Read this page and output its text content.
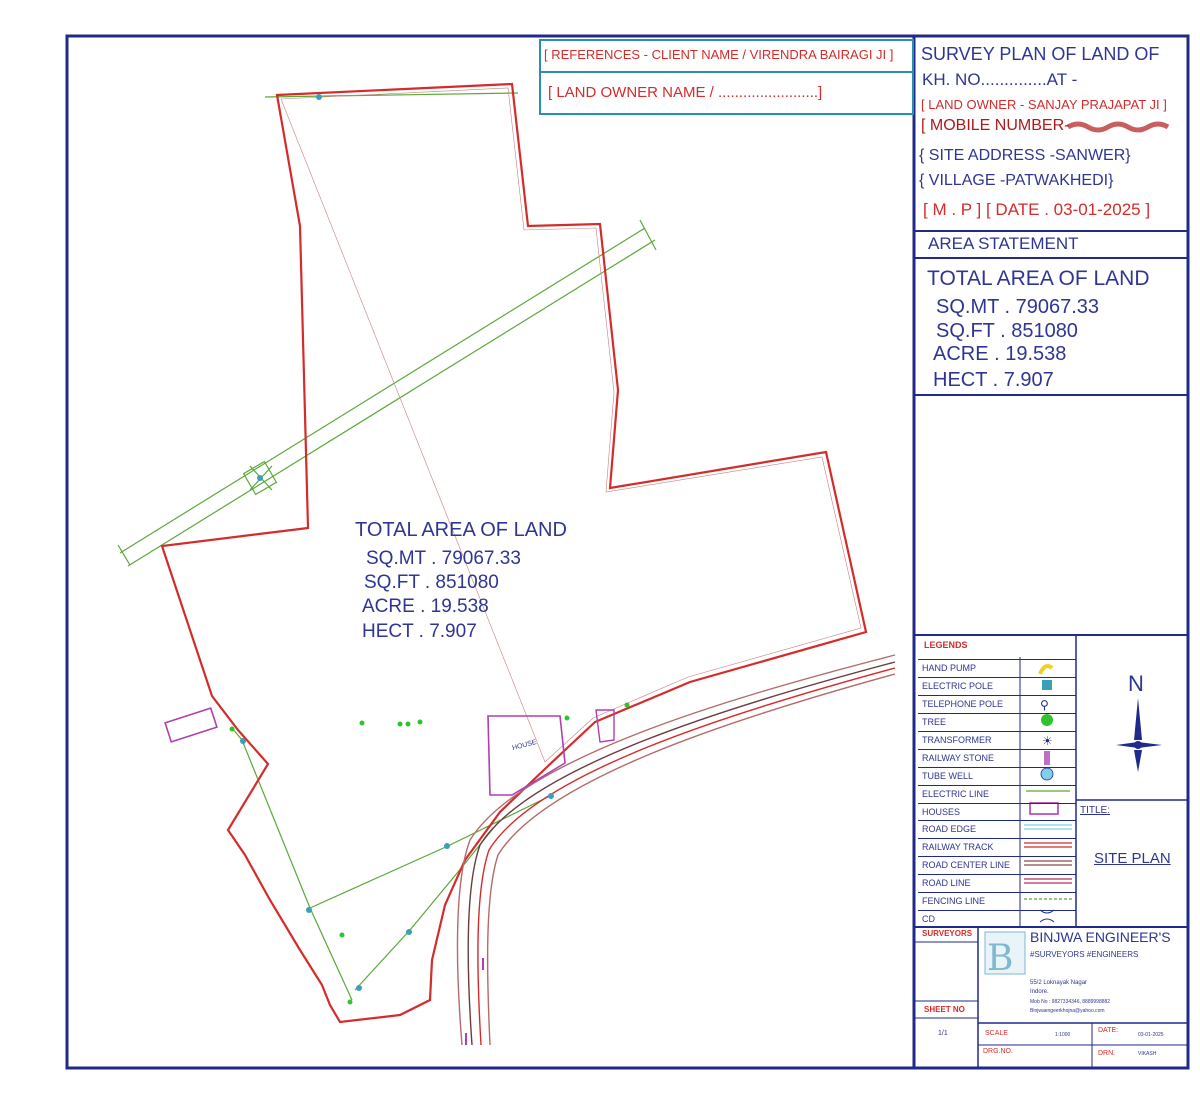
⚲
☀
B
[ REFERENCES - CLIENT NAME / VIRENDRA BAIRAGI JI ]
[ LAND OWNER NAME / ........................]
SURVEY PLAN OF LAND OF
KH. NO..............AT -
[ LAND OWNER - SANJAY PRAJAPAT JI ]
[ MOBILE NUMBER-
{ SITE ADDRESS -SANWER}
{ VILLAGE -PATWAKHEDI}
[ M . P ] [ DATE . 03-01-2025 ]
AREA STATEMENT
TOTAL AREA OF LAND
SQ.MT . 79067.33
SQ.FT . 851080
ACRE . 19.538
HECT . 7.907
TOTAL AREA OF LAND
SQ.MT . 79067.33
SQ.FT . 851080
ACRE . 19.538
HECT . 7.907
HOUSE
LEGENDS
HAND PUMP
ELECTRIC POLE
TELEPHONE POLE
TREE
TRANSFORMER
RAILWAY STONE
TUBE WELL
ELECTRIC LINE
HOUSES
ROAD EDGE
RAILWAY TRACK
ROAD CENTER LINE
ROAD LINE
FENCING LINE
CD
N
TITLE:
SITE PLAN
SURVEYORS
SHEET NO
1/1
BINJWA ENGINEER'S
#SURVEYORS #ENGINEERS
55/2 Loknayak Nagar
Indore.
Mob No : 9827334346, 8889998882
Binjwaengeerkhojna@yahoo.com
SCALE	1:1000
DATE:
03-01-2025
DRG.NO.	DRN.	VIKASH
